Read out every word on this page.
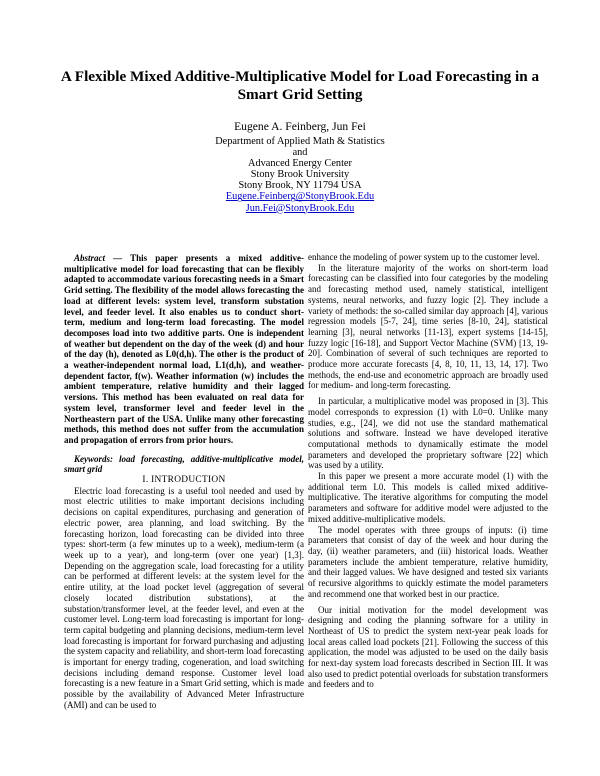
A Flexible Mixed Additive-Multiplicative Model for Load Forecasting in a Smart Grid Setting
Eugene A. Feinberg, Jun Fei
Department of Applied Math & Statistics
and
Advanced Energy Center
Stony Brook University
Stony Brook, NY 11794 USA
Eugene.Feinberg@StonyBrook.Edu
Jun.Fei@StonyBrook.Edu

Abstract — This paper presents a mixed additive-multiplicative model for load forecasting that can be flexibly adapted to accommodate various forecasting needs in a Smart Grid setting. The flexibility of the model allows forecasting the load at different levels: system level, transform substation level, and feeder level. It also enables us to conduct short-term, medium and long-term load forecasting. The model decomposes load into two additive parts. One is independent of weather but dependent on the day of the week (d) and hour of the day (h), denoted as L0(d,h). The other is the product of a weather-independent normal load, L1(d,h), and weather-dependent factor, f(w). Weather information (w) includes the ambient temperature, relative humidity and their lagged versions. This method has been evaluated on real data for system level, transformer level and feeder level in the Northeastern part of the USA. Unlike many other forecasting methods, this method does not suffer from the accumulation and propagation of errors from prior hours.

Keywords: load forecasting, additive-multiplicative model, smart grid

I. INTRODUCTION

Electric load forecasting is a useful tool needed and used by most electric utilities to make important decisions including decisions on capital expenditures, purchasing and generation of electric power, area planning, and load switching. By the forecasting horizon, load forecasting can be divided into three types: short-term (a few minutes up to a week), medium-term (a week up to a year), and long-term (over one year) [1,3]. Depending on the aggregation scale, load forecasting for a utility can be performed at different levels: at the system level for the entire utility, at the load pocket level (aggregation of several closely located distribution substations), at the substation/transformer level, at the feeder level, and even at the customer level. Long-term load forecasting is important for long-term capital budgeting and planning decisions, medium-term level load forecasting is important for forward purchasing and adjusting the system capacity and reliability, and short-term load forecasting is important for energy trading, cogeneration, and load switching decisions including demand response. Customer level load forecasting is a new feature in a Smart Grid setting, which is made possible by the availability of Advanced Meter Infrastructure (AMI) and can be used to

enhance the modeling of power system up to the customer level.

In the literature majority of the works on short-term load forecasting can be classified into four categories by the modeling and forecasting method used, namely statistical, intelligent systems, neural networks, and fuzzy logic [2]. They include a variety of methods: the so-called similar day approach [4], various regression models [5-7, 24], time series [8-10, 24], statistical learning [3], neural networks [11-13], expert systems [14-15], fuzzy logic [16-18], and Support Vector Machine (SVM) [13, 19- 20]. Combination of several of such techniques are reported to produce more accurate forecasts [4, 8, 10, 11, 13, 14, 17]. Two methods, the end-use and econometric approach are broadly used for medium- and long-term forecasting.

In particular, a multiplicative model was proposed in [3]. This model corresponds to expression (1) with L0=0. Unlike many studies, e.g., [24], we did not use the standard mathematical solutions and software. Instead we have developed iterative computational methods to dynamically estimate the model parameters and developed the proprietary software [22] which was used by a utility.

In this paper we present a more accurate model (1) with the additional term L0. This models is called mixed additive-multiplicative. The iterative algorithms for computing the model parameters and software for additive model were adjusted to the mixed additive-multiplicative models.

The model operates with three groups of inputs: (i) time parameters that consist of day of the week and hour during the day, (ii) weather parameters, and (iii) historical loads. Weather parameters include the ambient temperature, relative humidity, and their lagged values. We have designed and tested six variants of recursive algorithms to quickly estimate the model parameters and recommend one that worked best in our practice.

Our initial motivation for the model development was designing and coding the planning software for a utility in Northeast of US to predict the system next-year peak loads for local areas called load pockets [21]. Following the success of this application, the model was adjusted to be used on the daily basis for next-day system load forecasts described in Section III. It was also used to predict potential overloads for substation transformers and feeders and to
